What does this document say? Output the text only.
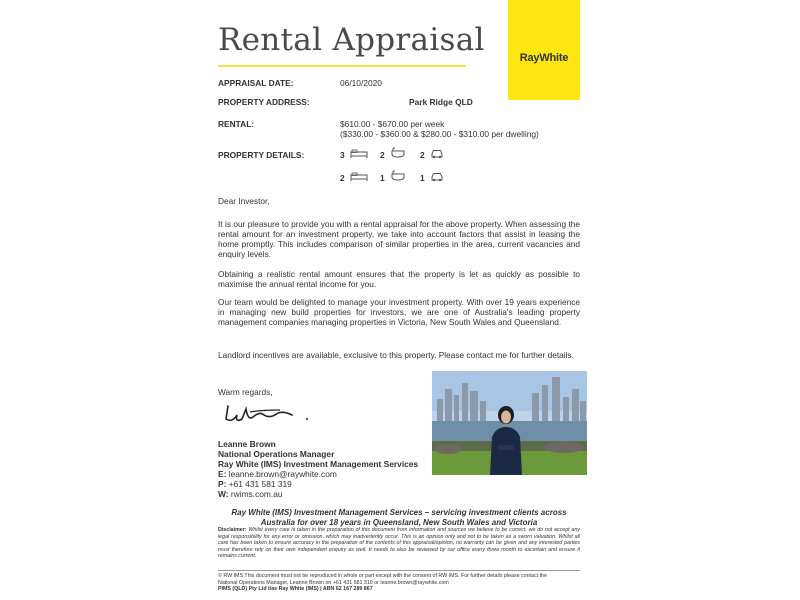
Rental Appraisal	RayWhite
APPRAISAL DATE:	06/10/2020
PROPERTY ADDRESS:	Park Ridge QLD
RENTAL:	$610.00 - $670.00 per week
($330.00 - $360.00 & $280.00 - $310.00 per dwelling)
PROPERTY DETAILS:	3	2	2
2	1	1
Dear Investor,
It is our pleasure to provide you with a rental appraisal for the above property. When assessing the rental amount for an investment property, we take into account factors that assist in leasing the home promptly. This includes comparison of similar properties in the area, current vacancies and enquiry levels.
Obtaining a realistic rental amount ensures that the property is let as quickly as possible to maximise the annual rental income for you.
Our team would be delighted to manage your investment property. With over 19 years experience in managing new build properties for investors, we are one of Australia's leading property management companies managing properties in Victoria, New South Wales and Queensland.
Landlord incentives are available, exclusive to this property. Please contact me for further details.
Warm regards,
Leanne Brown
National Operations Manager
Ray White (IMS) Investment Management Services
E: leanne.brown@raywhite.com
P: +61 431 581 319
W: rwims.com.au
Ray White (IMS) Investment Management Services – servicing investment clients across
Australia for over 18 years in Queensland, New South Wales and Victoria
Disclaimer: Whilst every care is taken in the preparation of this document from information and sources we believe to be correct, we do not accept any legal responsibility for any error or omission, which may inadvertently occur. This is an opinion only and not to be taken as a sworn valuation. Whilst all care has been taken to ensure accuracy in the preparation of the contents of this appraisal/opinion, no warranty can be given and any interested parties must therefore rely on their own independent enquiry as well. It needs to also be reviewed by our office every three month to ascertain and ensure it remains current.
© RW IMS This document must not be reproduced in whole or part except with the consent of RW IMS. For further details please contact the
National Operations Manager, Leanne Brown on +61 431 581 319 or leanne.brown@raywhite.com
PIMS (QLD) Pty Ltd t/as Ray White (IMS) | ABN 62 167 289 867
